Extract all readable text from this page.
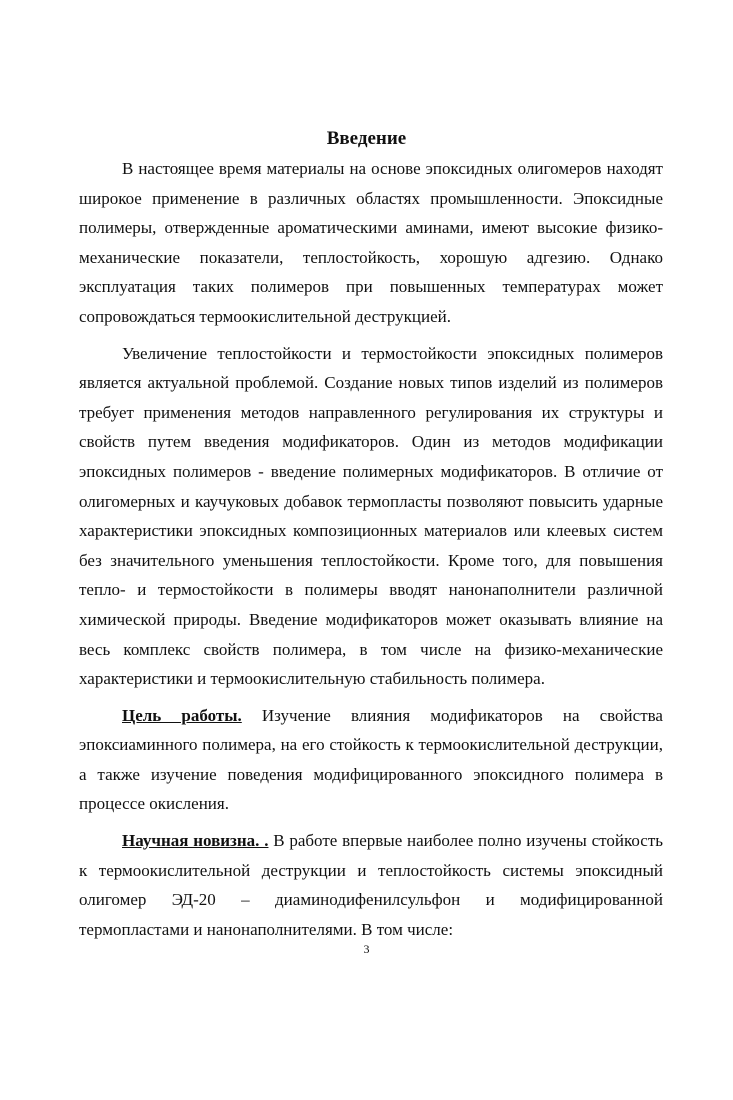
Введение

В настоящее время материалы на основе эпоксидных олигомеров находят широкое применение в различных областях промышленности. Эпоксидные полимеры, отвержденные ароматическими аминами, имеют высокие физико-механические показатели, теплостойкость, хорошую адгезию. Однако эксплуатация таких полимеров при повышенных температурах может сопровождаться термоокислительной деструкцией.

Увеличение теплостойкости и термостойкости эпоксидных полимеров является актуальной проблемой. Создание новых типов изделий из полимеров требует применения методов направленного регулирования их структуры и свойств путем введения модификаторов. Один из методов модификации эпоксидных полимеров - введение полимерных модификаторов. В отличие от олигомерных и каучуковых добавок термопласты позволяют повысить ударные характеристики эпоксидных композиционных материалов или клеевых систем без значительного уменьшения теплостойкости. Кроме того, для повышения тепло- и термостойкости в полимеры вводят нанонаполнители различной химической природы. Введение модификаторов может оказывать влияние на весь комплекс свойств полимера, в том числе на физико-механические характеристики и термоокислительную стабильность полимера.

Цель работы. Изучение влияния модификаторов на свойства эпоксиаминного полимера, на его стойкость к термоокислительной деструкции, а также изучение поведения модифицированного эпоксидного полимера в процессе окисления.

Научная новизна. . В работе впервые наиболее полно изучены стойкость к термоокислительной деструкции и теплостойкость системы эпоксидный олигомер ЭД-20 – диаминодифенилсульфон и модифицированной термопластами и нанонаполнителями. В том числе:

3
